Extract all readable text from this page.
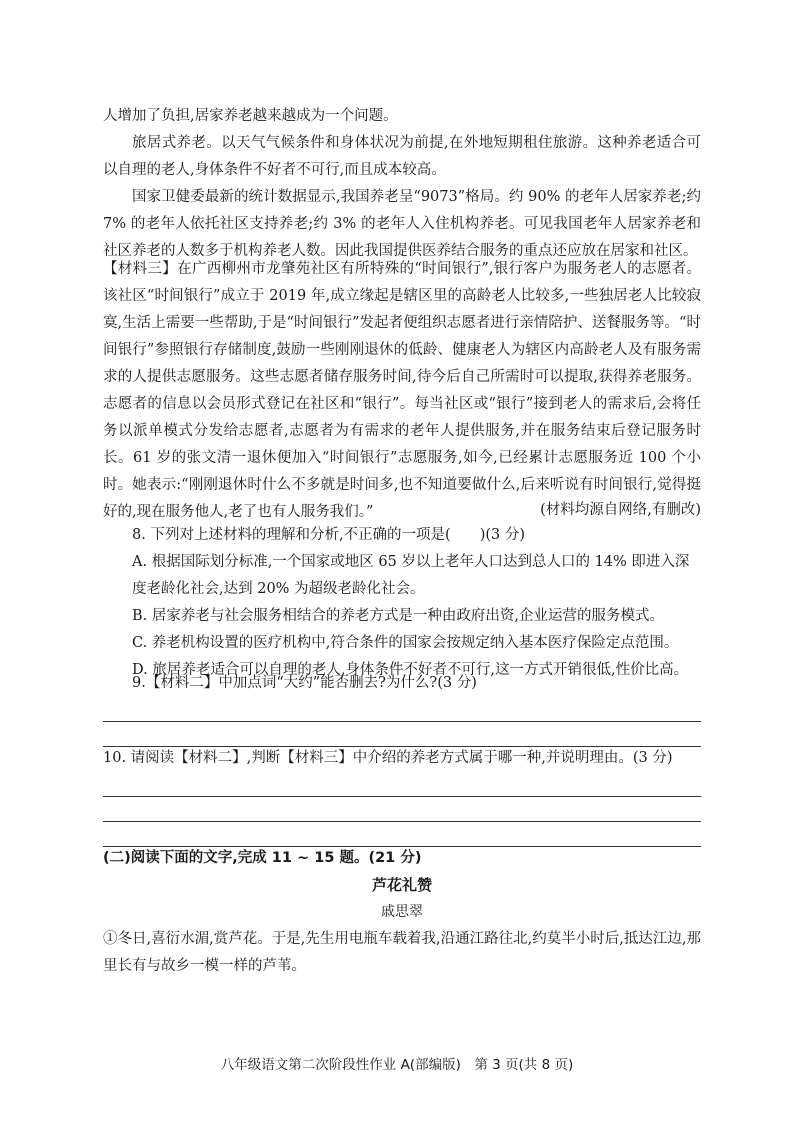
人增加了负担,居家养老越来越成为一个问题。

旅居式养老。以天气气候条件和身体状况为前提,在外地短期租住旅游。这种养老适合可以自理的老人,身体条件不好者不可行,而且成本较高。

国家卫健委最新的统计数据显示,我国养老呈“9073”格局。约 90% 的老年人居家养老;约 7% 的老年人依托社区支持养老;约 3% 的老年人入住机构养老。可见我国老年人居家养老和社区养老的人数多于机构养老人数。因此我国提供医养结合服务的重点还应放在居家和社区。

【材料三】在广西柳州市龙肇苑社区有所特殊的“时间银行”,银行客户为服务老人的志愿者。该社区“时间银行”成立于 2019 年,成立缘起是辖区里的高龄老人比较多,一些独居老人比较寂寞,生活上需要一些帮助,于是“时间银行”发起者便组织志愿者进行亲情陪护、送餐服务等。“时间银行”参照银行存储制度,鼓励一些刚刚退休的低龄、健康老人为辖区内高龄老人及有服务需求的人提供志愿服务。这些志愿者储存服务时间,待今后自己所需时可以提取,获得养老服务。志愿者的信息以会员形式登记在社区和“银行”。每当社区或“银行”接到老人的需求后,会将任务以派单模式分发给志愿者,志愿者为有需求的老年人提供服务,并在服务结束后登记服务时长。61 岁的张文清一退休便加入“时间银行”志愿服务,如今,已经累计志愿服务近 100 个小时。她表示:“刚刚退休时什么不多就是时间多,也不知道要做什么,后来听说有时间银行,觉得挺好的,现在服务他人,老了也有人服务我们。”	(材料均源自网络,有删改)

8. 下列对上述材料的理解和分析,不正确的一项是(　　)(3 分)

A. 根据国际划分标准,一个国家或地区 65 岁以上老年人口达到总人口的 14% 即进入深度老龄化社会,达到 20% 为超级老龄化社会。

B. 居家养老与社会服务相结合的养老方式是一种由政府出资,企业运营的服务模式。

C. 养老机构设置的医疗机构中,符合条件的国家会按规定纳入基本医疗保险定点范围。

D. 旅居养老适合可以自理的老人,身体条件不好者不可行,这一方式开销很低,性价比高。

9.【材料二】中加点词“大约”能否删去?为什么?(3 分)

10. 请阅读【材料二】,判断【材料三】中介绍的养老方式属于哪一种,并说明理由。(3 分)

(二)阅读下面的文字,完成 11 ~ 15 题。(21 分)

芦花礼赞

戚思翠

①冬日,喜衍水湄,赏芦花。于是,先生用电瓶车载着我,沿通江路往北,约莫半小时后,抵达江边,那里长有与故乡一模一样的芦苇。

八年级语文第二次阶段性作业 A(部编版)　第 3 页(共 8 页)
